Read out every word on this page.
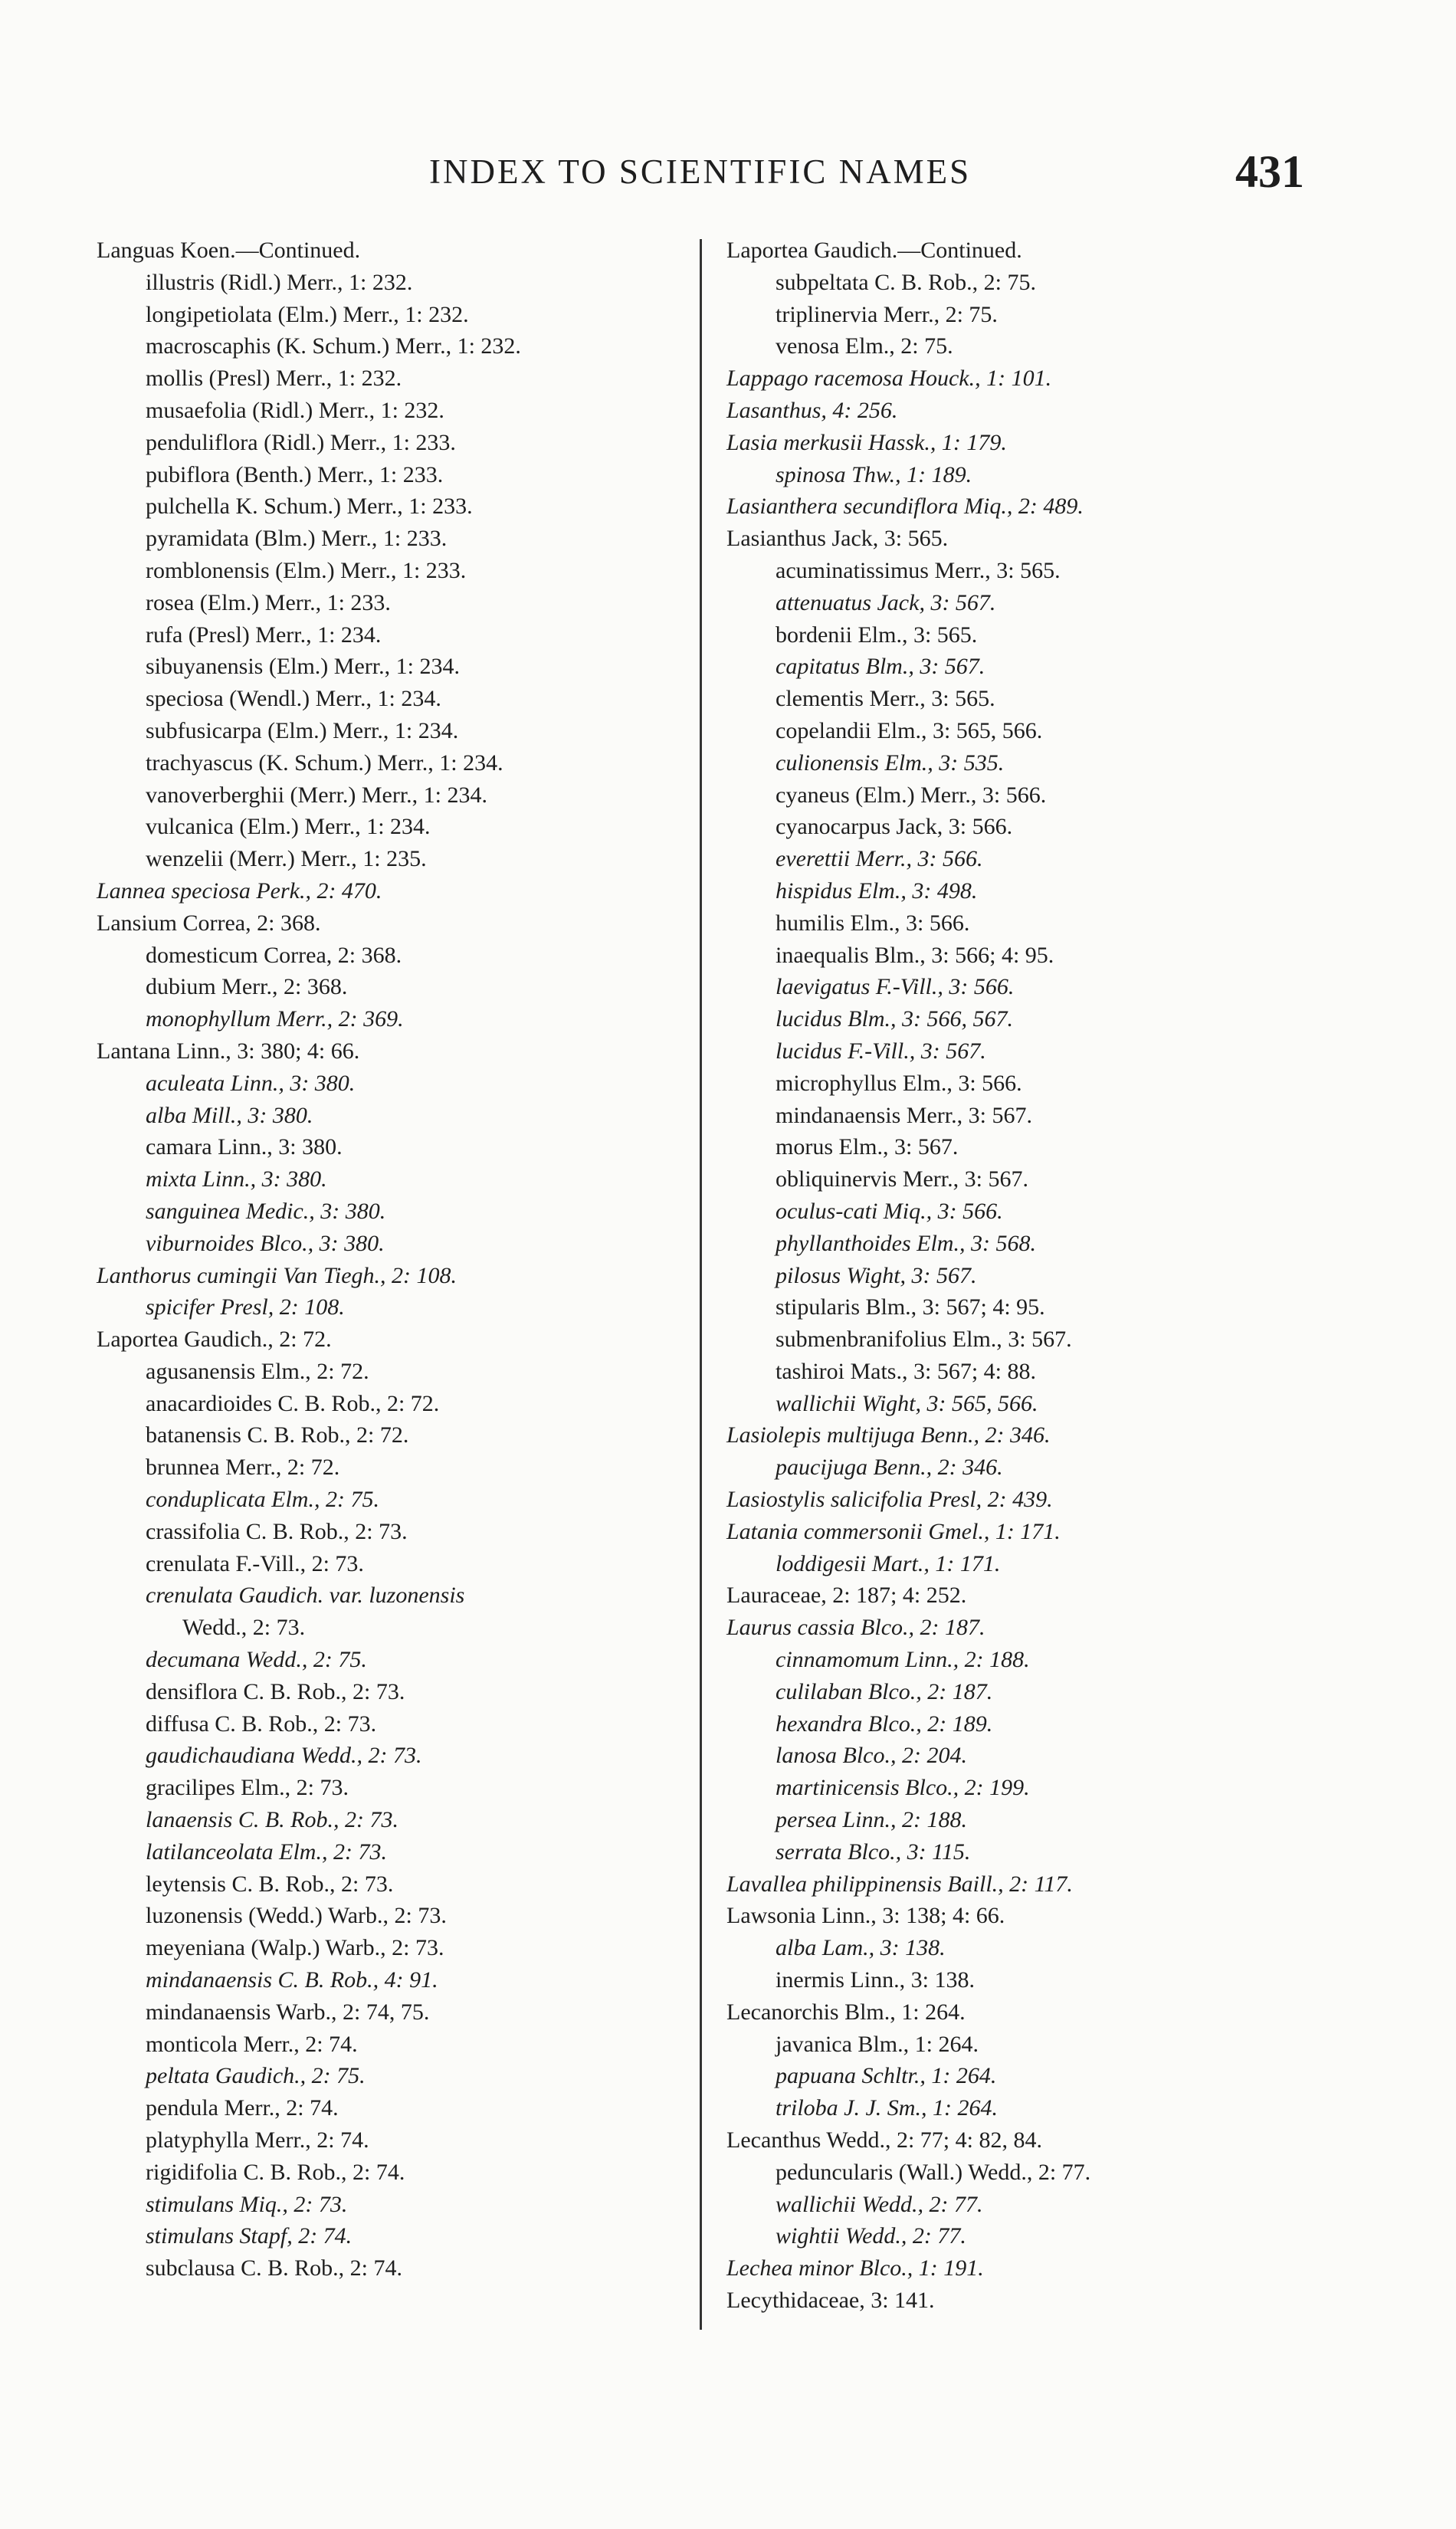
INDEX TO SCIENTIFIC NAMES	431
Languas Koen.—Continued.
illustris (Ridl.) Merr., 1: 232.
longipetiolata (Elm.) Merr., 1: 232.
macroscaphis (K. Schum.) Merr., 1: 232.
mollis (Presl) Merr., 1: 232.
musaefolia (Ridl.) Merr., 1: 232.
penduliflora (Ridl.) Merr., 1: 233.
pubiflora (Benth.) Merr., 1: 233.
pulchella K. Schum.) Merr., 1: 233.
pyramidata (Blm.) Merr., 1: 233.
romblonensis (Elm.) Merr., 1: 233.
rosea (Elm.) Merr., 1: 233.
rufa (Presl) Merr., 1: 234.
sibuyanensis (Elm.) Merr., 1: 234.
speciosa (Wendl.) Merr., 1: 234.
subfusicarpa (Elm.) Merr., 1: 234.
trachyascus (K. Schum.) Merr., 1: 234.
vanoverberghii (Merr.) Merr., 1: 234.
vulcanica (Elm.) Merr., 1: 234.
wenzelii (Merr.) Merr., 1: 235.
Lannea speciosa Perk., 2: 470.
Lansium Correa, 2: 368.
domesticum Correa, 2: 368.
dubium Merr., 2: 368.
monophyllum Merr., 2: 369.
Lantana Linn., 3: 380; 4: 66.
aculeata Linn., 3: 380.
alba Mill., 3: 380.
camara Linn., 3: 380.
mixta Linn., 3: 380.
sanguinea Medic., 3: 380.
viburnoides Blco., 3: 380.
Lanthorus cumingii Van Tiegh., 2: 108.
spicifer Presl, 2: 108.
Laportea Gaudich., 2: 72.
agusanensis Elm., 2: 72.
anacardioides C. B. Rob., 2: 72.
batanensis C. B. Rob., 2: 72.
brunnea Merr., 2: 72.
conduplicata Elm., 2: 75.
crassifolia C. B. Rob., 2: 73.
crenulata F.-Vill., 2: 73.
crenulata Gaudich. var. luzonensis
Wedd., 2: 73.
decumana Wedd., 2: 75.
densiflora C. B. Rob., 2: 73.
diffusa C. B. Rob., 2: 73.
gaudichaudiana Wedd., 2: 73.
gracilipes Elm., 2: 73.
lanaensis C. B. Rob., 2: 73.
latilanceolata Elm., 2: 73.
leytensis C. B. Rob., 2: 73.
luzonensis (Wedd.) Warb., 2: 73.
meyeniana (Walp.) Warb., 2: 73.
mindanaensis C. B. Rob., 4: 91.
mindanaensis Warb., 2: 74, 75.
monticola Merr., 2: 74.
peltata Gaudich., 2: 75.
pendula Merr., 2: 74.
platyphylla Merr., 2: 74.
rigidifolia C. B. Rob., 2: 74.
stimulans Miq., 2: 73.
stimulans Stapf, 2: 74.
subclausa C. B. Rob., 2: 74.
Laportea Gaudich.—Continued.
subpeltata C. B. Rob., 2: 75.
triplinervia Merr., 2: 75.
venosa Elm., 2: 75.
Lappago racemosa Houck., 1: 101.
Lasanthus, 4: 256.
Lasia merkusii Hassk., 1: 179.
spinosa Thw., 1: 189.
Lasianthera secundiflora Miq., 2: 489.
Lasianthus Jack, 3: 565.
acuminatissimus Merr., 3: 565.
attenuatus Jack, 3: 567.
bordenii Elm., 3: 565.
capitatus Blm., 3: 567.
clementis Merr., 3: 565.
copelandii Elm., 3: 565, 566.
culionensis Elm., 3: 535.
cyaneus (Elm.) Merr., 3: 566.
cyanocarpus Jack, 3: 566.
everettii Merr., 3: 566.
hispidus Elm., 3: 498.
humilis Elm., 3: 566.
inaequalis Blm., 3: 566; 4: 95.
laevigatus F.-Vill., 3: 566.
lucidus Blm., 3: 566, 567.
lucidus F.-Vill., 3: 567.
microphyllus Elm., 3: 566.
mindanaensis Merr., 3: 567.
morus Elm., 3: 567.
obliquinervis Merr., 3: 567.
oculus-cati Miq., 3: 566.
phyllanthoides Elm., 3: 568.
pilosus Wight, 3: 567.
stipularis Blm., 3: 567; 4: 95.
submenbranifolius Elm., 3: 567.
tashiroi Mats., 3: 567; 4: 88.
wallichii Wight, 3: 565, 566.
Lasiolepis multijuga Benn., 2: 346.
paucijuga Benn., 2: 346.
Lasiostylis salicifolia Presl, 2: 439.
Latania commersonii Gmel., 1: 171.
loddigesii Mart., 1: 171.
Lauraceae, 2: 187; 4: 252.
Laurus cassia Blco., 2: 187.
cinnamomum Linn., 2: 188.
culilaban Blco., 2: 187.
hexandra Blco., 2: 189.
lanosa Blco., 2: 204.
martinicensis Blco., 2: 199.
persea Linn., 2: 188.
serrata Blco., 3: 115.
Lavallea philippinensis Baill., 2: 117.
Lawsonia Linn., 3: 138; 4: 66.
alba Lam., 3: 138.
inermis Linn., 3: 138.
Lecanorchis Blm., 1: 264.
javanica Blm., 1: 264.
papuana Schltr., 1: 264.
triloba J. J. Sm., 1: 264.
Lecanthus Wedd., 2: 77; 4: 82, 84.
peduncularis (Wall.) Wedd., 2: 77.
wallichii Wedd., 2: 77.
wightii Wedd., 2: 77.
Lechea minor Blco., 1: 191.
Lecythidaceae, 3: 141.
